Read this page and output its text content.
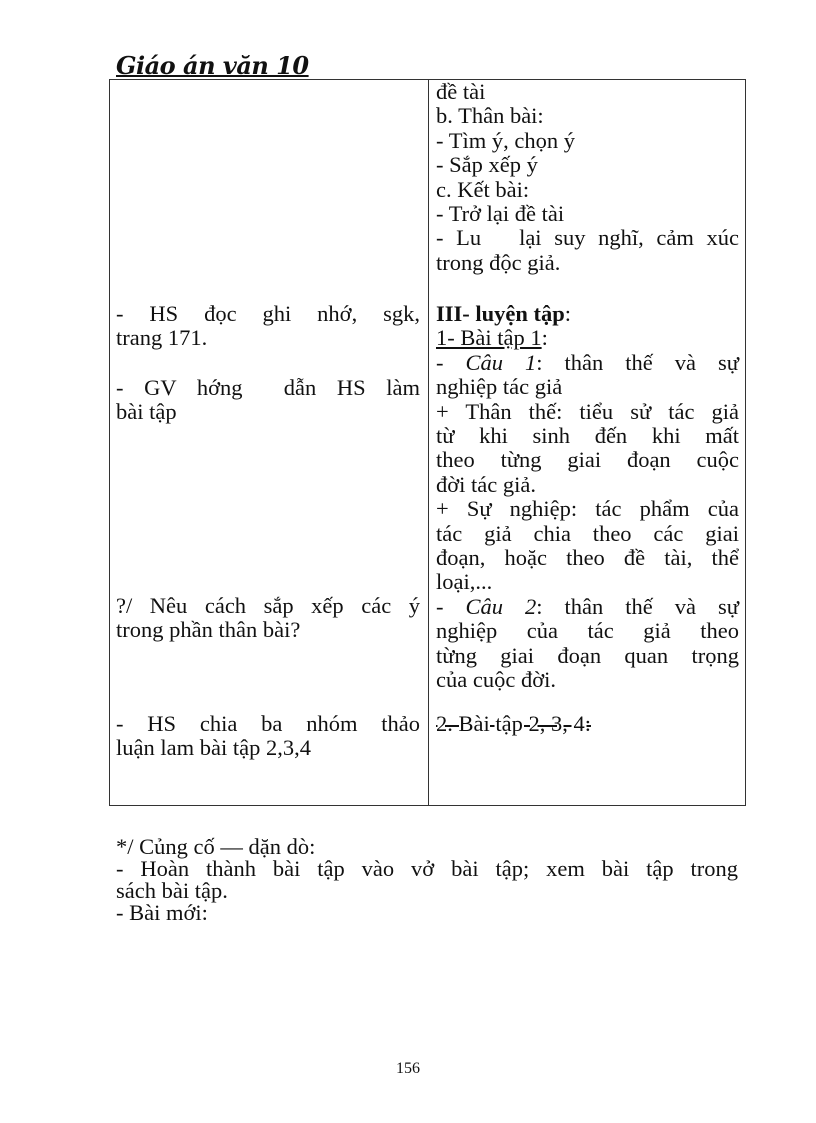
Giáo án văn 10
đề tài
b. Thân bài:
- Tìm ý, chọn ý
- Sắp xếp ý
c. Kết bài:
- Trở lại đề tài
- Lu   lại suy nghĩ, cảm xúc
trong độc giả.
- HS đọc ghi nhớ, sgk,
trang 171.
- GV hớng  dẫn HS làm
bài tập
III- luyện tập:
1- Bài tập 1:
- Câu 1: thân thế và sự
nghiệp tác giả
+ Thân thế: tiểu sử tác giả
từ khi sinh đến khi mất
theo từng giai đoạn cuộc
đời tác giả.
+ Sự nghiệp: tác phẩm của
tác giả chia theo các giai
đoạn, hoặc theo đề tài, thể
loại,...
- Câu 2: thân thế và sự
nghiệp của tác giả theo
từng giai đoạn quan trọng
của cuộc đời.
?/ Nêu cách sắp xếp các ý
trong phần thân bài?
- HS chia ba nhóm thảo
luận lam bài tập 2,3,4
2. Bài tập 2, 3, 4:
*/ Củng cố — dặn dò:
- Hoàn thành bài tập vào vở bài tập; xem bài tập trong
sách bài tập.
- Bài mới:
156
